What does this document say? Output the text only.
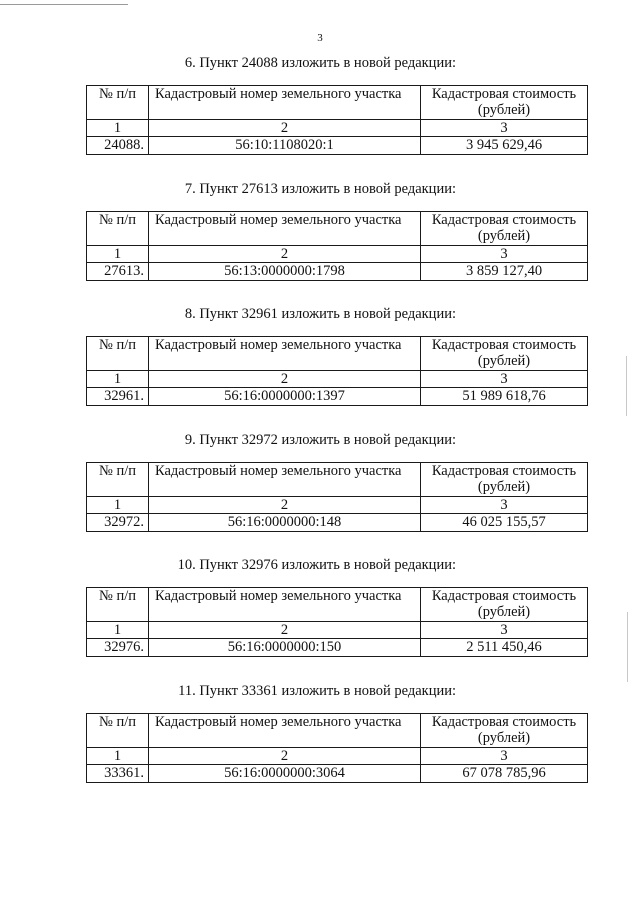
3
6. Пункт 24088 изложить в новой редакции:
№ п/п	Кадастровый номер земельного участка	Кадастровая стоимость (рублей)
1	2	3
24088.	56:10:1108020:1	3 945 629,46
7. Пункт 27613 изложить в новой редакции:
№ п/п	Кадастровый номер земельного участка	Кадастровая стоимость (рублей)
1	2	3
27613.	56:13:0000000:1798	3 859 127,40
8. Пункт 32961 изложить в новой редакции:
№ п/п	Кадастровый номер земельного участка	Кадастровая стоимость (рублей)
1	2	3
32961.	56:16:0000000:1397	51 989 618,76
9. Пункт 32972 изложить в новой редакции:
№ п/п	Кадастровый номер земельного участка	Кадастровая стоимость (рублей)
1	2	3
32972.	56:16:0000000:148	46 025 155,57
10. Пункт 32976 изложить в новой редакции:
№ п/п	Кадастровый номер земельного участка	Кадастровая стоимость (рублей)
1	2	3
32976.	56:16:0000000:150	2 511 450,46
11. Пункт 33361 изложить в новой редакции:
№ п/п	Кадастровый номер земельного участка	Кадастровая стоимость (рублей)
1	2	3
33361.	56:16:0000000:3064	67 078 785,96
